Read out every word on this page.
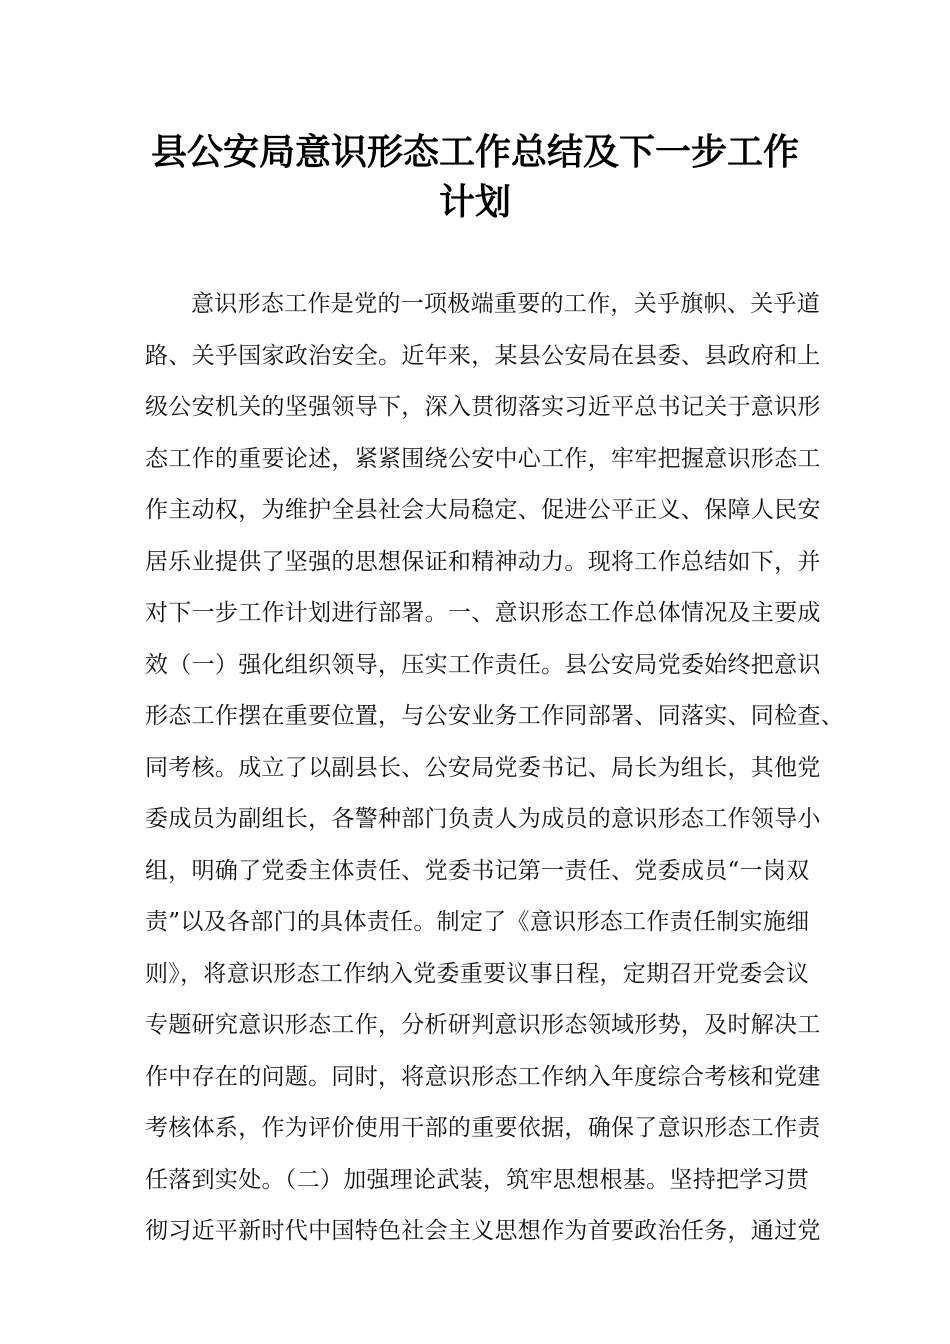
县公安局意识形态工作总结及下一步工作
计划
意识形态工作是党的一项极端重要的工作，关乎旗帜、关乎道
路、关乎国家政治安全。近年来，某县公安局在县委、县政府和上
级公安机关的坚强领导下，深入贯彻落实习近平总书记关于意识形
态工作的重要论述，紧紧围绕公安中心工作，牢牢把握意识形态工
作主动权，为维护全县社会大局稳定、促进公平正义、保障人民安
居乐业提供了坚强的思想保证和精神动力。现将工作总结如下，并
对下一步工作计划进行部署。一、意识形态工作总体情况及主要成
效（一）强化组织领导，压实工作责任。县公安局党委始终把意识
形态工作摆在重要位置，与公安业务工作同部署、同落实、同检查、
同考核。成立了以副县长、公安局党委书记、局长为组长，其他党
委成员为副组长，各警种部门负责人为成员的意识形态工作领导小
组，明确了党委主体责任、党委书记第一责任、党委成员“一岗双
责”以及各部门的具体责任。制定了《意识形态工作责任制实施细
则》，将意识形态工作纳入党委重要议事日程，定期召开党委会议
专题研究意识形态工作，分析研判意识形态领域形势，及时解决工
作中存在的问题。同时，将意识形态工作纳入年度综合考核和党建
考核体系，作为评价使用干部的重要依据，确保了意识形态工作责
任落到实处。（二）加强理论武装，筑牢思想根基。坚持把学习贯
彻习近平新时代中国特色社会主义思想作为首要政治任务，通过党
